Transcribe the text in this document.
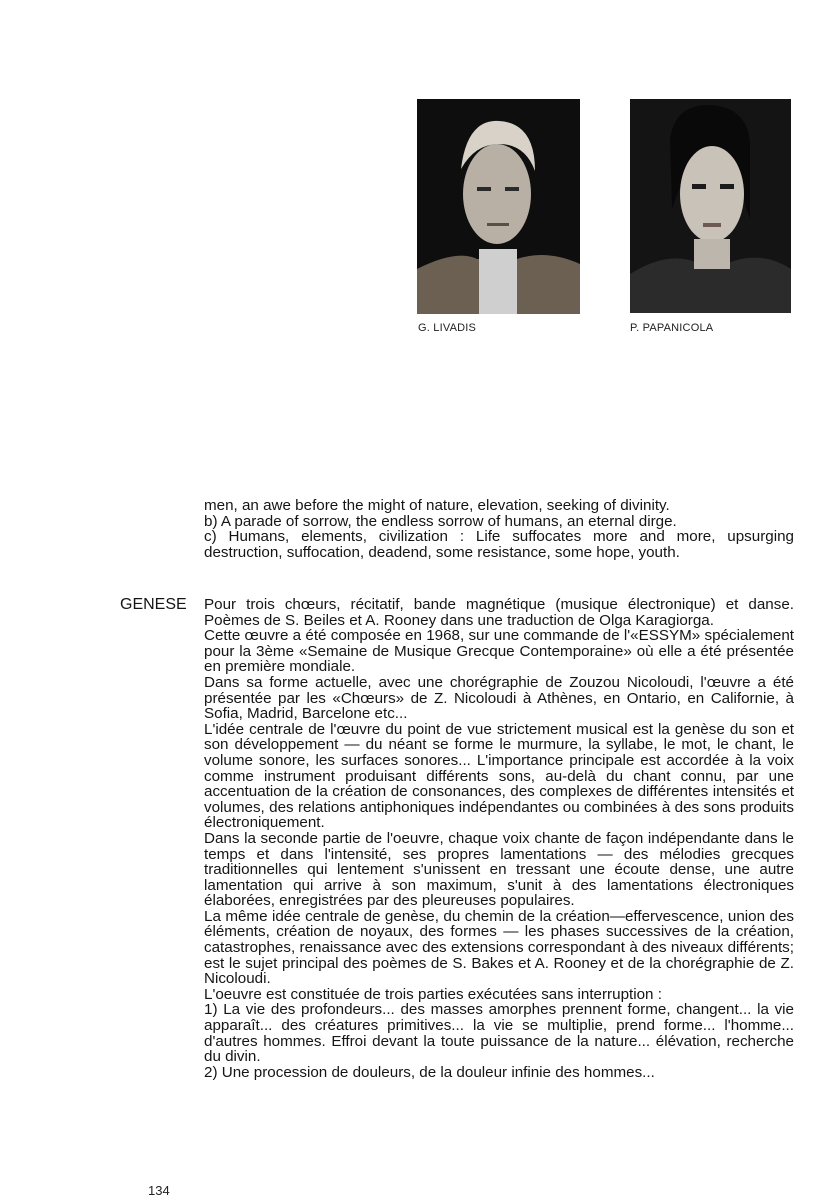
G. LIVADIS	P. PAPANICOLA

men, an awe before the might of nature, elevation, seeking of divinity.

b) A parade of sorrow, the endless sorrow of humans, an eternal dirge.

c) Humans, elements, civilization : Life suffocates more and more, upsurging destruction, suffocation, deadend, some resistance, some hope, youth.

GENESE Pour trois chœurs, récitatif, bande magnétique (musique électronique) et danse. Poèmes de S. Beiles et A. Rooney dans une traduction de Olga Karagiorga.

Cette œuvre a été composée en 1968, sur une commande de l'«ESSYM» spécialement pour la 3ème «Semaine de Musique Grecque Contemporaine» où elle a été présentée en première mondiale.

Dans sa forme actuelle, avec une chorégraphie de Zouzou Nicoloudi, l'œuvre a été présentée par les «Chœurs» de Z. Nicoloudi à Athènes, en Ontario, en Californie, à Sofia, Madrid, Barcelone etc...

L'idée centrale de l'œuvre du point de vue strictement musical est la genèse du son et son développement — du néant se forme le murmure, la syllabe, le mot, le chant, le volume sonore, les surfaces sonores... L'importance principale est accordée à la voix comme instrument produisant différents sons, au-delà du chant connu, par une accentuation de la création de consonances, des complexes de différentes intensités et volumes, des relations antiphoniques indépendantes ou combinées à des sons produits électroniquement.

Dans la seconde partie de l'oeuvre, chaque voix chante de façon indépendante dans le temps et dans l'intensité, ses propres lamentations — des mélodies grecques traditionnelles qui lentement s'unissent en tressant une écoute dense, une autre lamentation qui arrive à son maximum, s'unit à des lamentations électroniques élaborées, enregistrées par des pleureuses populaires.

La même idée centrale de genèse, du chemin de la création—effervescence, union des éléments, création de noyaux, des formes — les phases successives de la création, catastrophes, renaissance avec des extensions correspondant à des niveaux différents; est le sujet principal des poèmes de S. Bakes et A. Rooney et de la chorégraphie de Z. Nicoloudi.

L'oeuvre est constituée de trois parties exécutées sans interruption :

1) La vie des profondeurs... des masses amorphes prennent forme, changent... la vie apparaît... des créatures primitives... la vie se multiplie, prend forme... l'homme... d'autres hommes. Effroi devant la toute puissance de la nature... élévation, recherche du divin.

2) Une procession de douleurs, de la douleur infinie des hommes...

134
